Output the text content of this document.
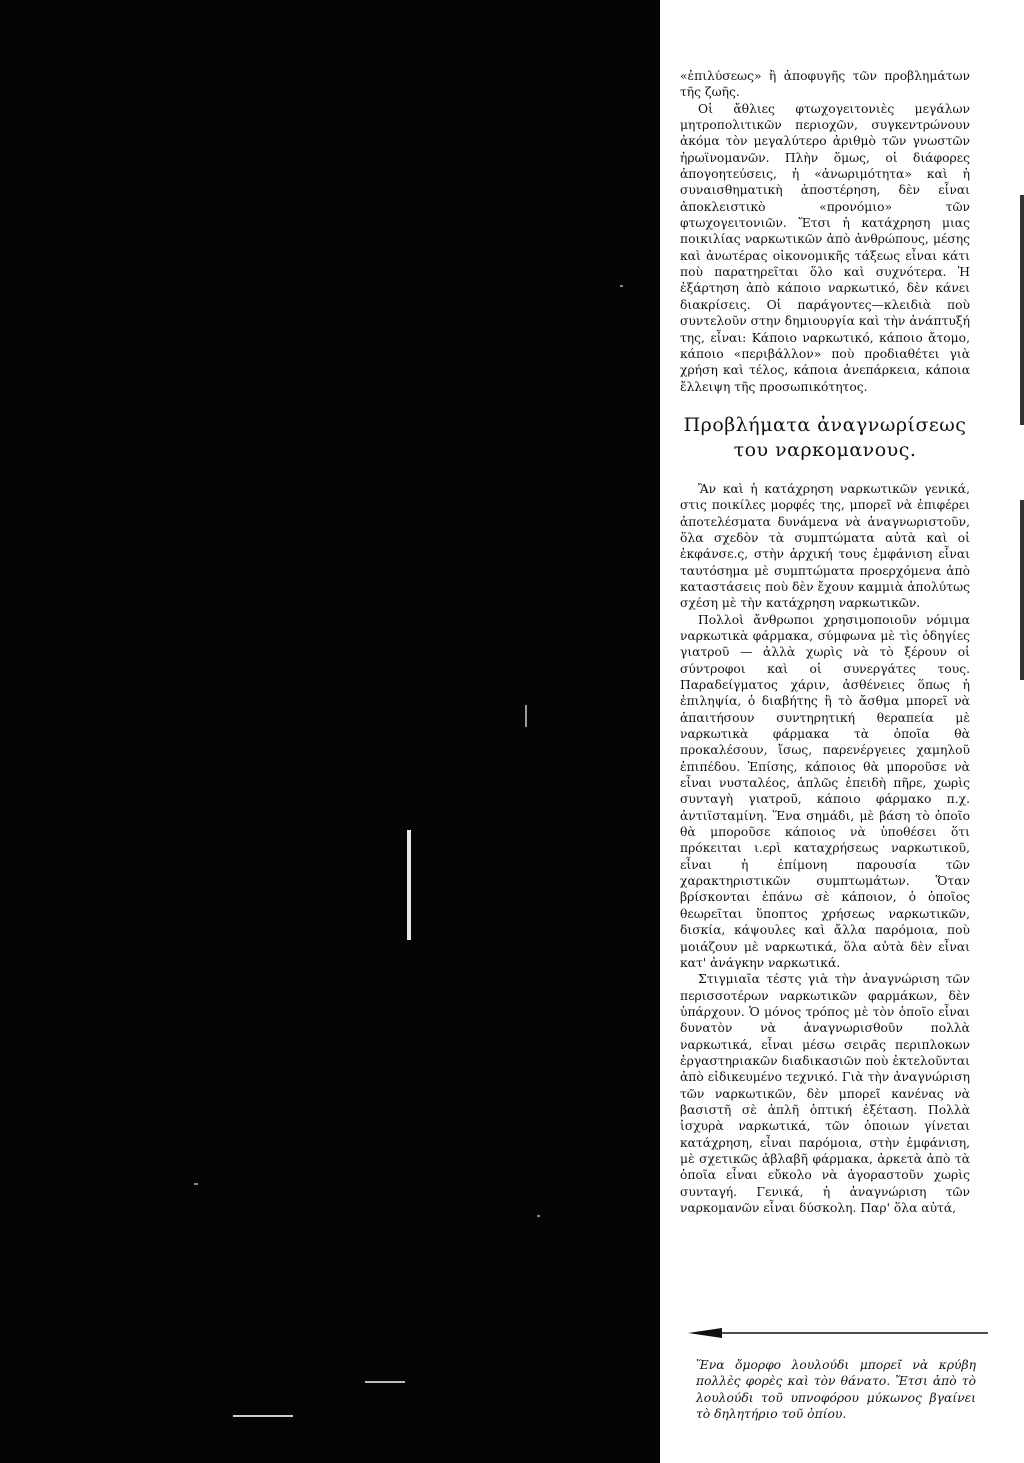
«ἐπιλύσεως» ἢ ἀποφυγῆς τῶν προβλημάτων τῆς ζωῆς.

Οἱ ἄθλιες φτωχογειτονιὲς μεγάλων μητροπολιτικῶν περιοχῶν, συγκεντρώνουν ἀκόμα τὸν μεγαλύτερο ἀριθμὸ τῶν γνωστῶν ἡρωϊνομανῶν. Πλὴν ὅμως, οἱ διάφορες ἀπογοητεύσεις, ἡ «ἀνωριμότητα» καὶ ἡ συναισθηματικὴ ἀποστέρηση, δὲν εἶναι ἀποκλειστικὸ «προνόμιο» τῶν φτωχογειτονιῶν. Ἔτσι ἡ κατάχρηση μιας ποικιλίας ναρκωτικῶν ἀπὸ ἀνθρώπους, μέσης καὶ ἀνωτέρας οἰκονομικῆς τάξεως εἶναι κάτι ποὺ παρατηρεῖται ὅλο καὶ συχνότερα. Ἡ ἐξάρτηση ἀπὸ κάποιο ναρκωτικό, δὲν κάνει διακρίσεις. Οἱ παράγοντες—κλειδιὰ ποὺ συντελοῦν στην δημιουργία καὶ τὴν ἀνάπτυξή της, εἶναι: Κάποιο ναρκωτικό, κάποιο ἄτομο, κάποιο «περιβάλλον» ποὺ προδιαθέτει γιὰ χρήση καὶ τέλος, κάποια ἀνεπάρκεια, κάποια ἔλλειψη τῆς προσωπικότητος.

Προβλήματα ἀναγνωρίσεως του ναρκομανους.

Ἂν καὶ ἡ κατάχρηση ναρκωτικῶν γενικά, στις ποικίλες μορφές της, μπορεῖ νὰ ἐπιφέρει ἀποτελέσματα δυνάμενα νὰ ἀναγνωριστοῦν, ὅλα σχεδὸν τὰ συμπτώματα αὐτὰ καὶ οἱ ἐκφάνσε.ς, στὴν ἀρχική τους ἐμφάνιση εἶναι ταυτόσημα μὲ συμπτώματα προερχόμενα ἀπὸ καταστάσεις ποὺ δὲν ἔχουν καμμιὰ ἀπολύτως σχέση μὲ τὴν κατάχρηση ναρκωτικῶν.

Πολλοὶ ἄνθρωποι χρησιμοποιοῦν νόμιμα ναρκωτικὰ φάρμακα, σύμφωνα μὲ τὶς ὁδηγίες γιατροῦ — ἀλλὰ χωρὶς νὰ τὸ ξέρουν οἱ σύντροφοι καὶ οἱ συνεργάτες τους. Παραδείγματος χάριν, ἀσθένειες ὅπως ἡ ἐπιληψία, ὁ διαβήτης ἢ τὸ ἄσθμα μπορεῖ νὰ ἀπαιτήσουν συντηρητική θεραπεία μὲ ναρκωτικὰ φάρμακα τὰ ὁποῖα θὰ προκαλέσουν, ἴσως, παρενέργειες χαμηλοῦ ἐπιπέδου. Ἐπίσης, κάποιος θὰ μποροῦσε νὰ εἶναι νυσταλέος, ἁπλῶς ἐπειδὴ πῆρε, χωρὶς συνταγὴ γιατροῦ, κάποιο φάρμακο π.χ. ἀντιϊσταμίνη. Ἕνα σημάδι, μὲ βάση τὸ ὁποῖο θὰ μποροῦσε κάποιος νὰ ὑποθέσει ὅτι πρόκειται ι.ερὶ καταχρήσεως ναρκωτικοῦ, εἶναι ἡ ἐπίμονη παρουσία τῶν χαρακτηριστικῶν συμπτωμάτων. Ὅταν βρίσκονται ἐπάνω σὲ κάποιον, ὁ ὁποῖος θεωρεῖται ὕποπτος χρήσεως ναρκωτικῶν, δισκία, κάψουλες καὶ ἄλλα παρόμοια, ποὺ μοιάζουν μὲ ναρκωτικά, ὅλα αὐτὰ δὲν εἶναι κατ' ἀνάγκην ναρκωτικά.

Στιγμιαῖα τέστς γιὰ τὴν ἀναγνώριση τῶν περισσοτέρων ναρκωτικῶν φαρμάκων, δὲν ὑπάρχουν. Ὁ μόνος τρόπος μὲ τὸν ὁποῖο εἶναι δυνατὸν νὰ ἀναγνωρισθοῦν πολλὰ ναρκωτικά, εἶναι μέσω σειρᾶς περιπλοκων ἐργαστηριακῶν διαδικασιῶν ποὺ ἐκτελοῦνται ἀπὸ εἰδικευμένο τεχνικό. Γιὰ τὴν ἀναγνώριση τῶν ναρκωτικῶν, δὲν μπορεῖ κανένας νὰ βασιστῆ σὲ ἁπλῆ ὀπτική ἐξέταση. Πολλὰ ἰσχυρὰ ναρκωτικά, τῶν ὁποιων γίνεται κατάχρηση, εἶναι παρόμοια, στὴν ἐμφάνιση, μὲ σχετικῶς ἀβλαβῆ φάρμακα, ἀρκετὰ ἀπὸ τὰ ὁποῖα εἶναι εὔκολο νὰ ἀγοραστοῦν χωρὶς συνταγή. Γενικά, ἡ ἀναγνώριση τῶν ναρκομανῶν εἶναι δύσκολη. Παρ' ὅλα αὐτά,

Ἕνα ὄμορφο λουλούδι μπορεῖ νὰ κρύβη πολλὲς φορὲς καὶ τὸν θάνατο. Ἔτσι ἀπὸ τὸ λουλούδι τοῦ υπνοφόρου μύκωνος βγαίνει τὸ δηλητήριο τοῦ ὀπίου.
